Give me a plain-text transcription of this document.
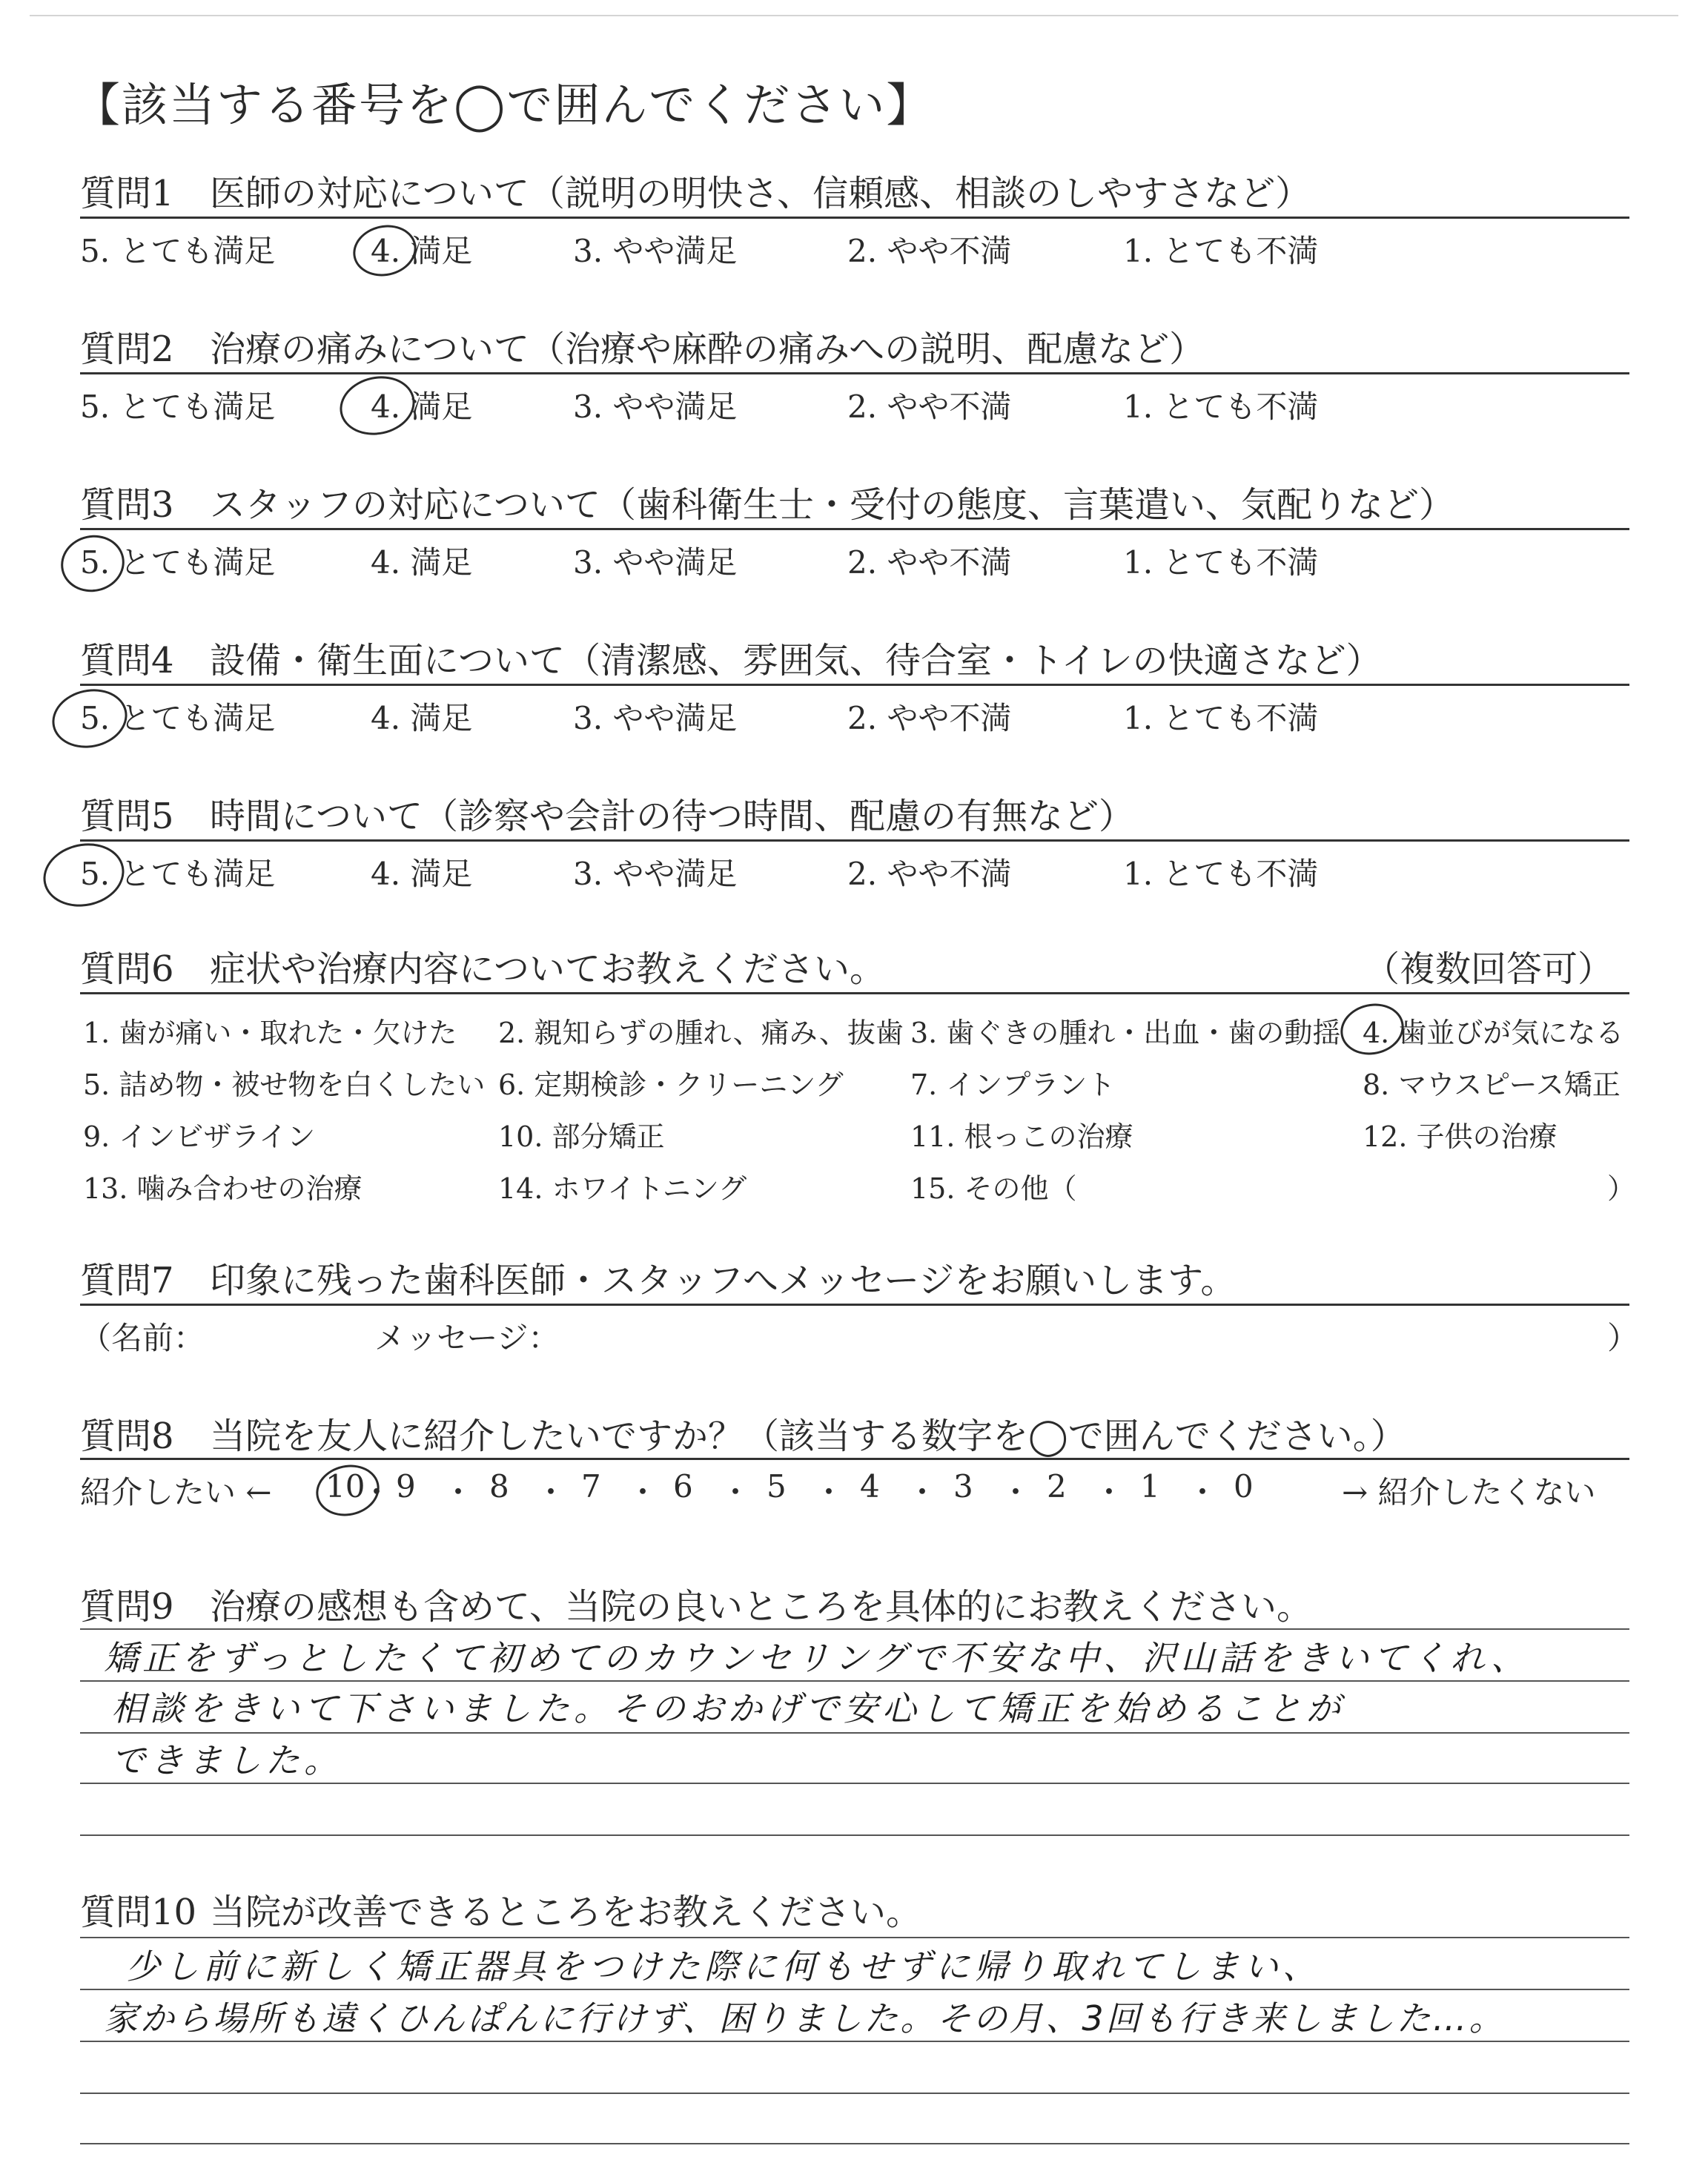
【該当する番号を◯で囲んでください】
質問1 医師の対応について（説明の明快さ、信頼感、相談のしやすさなど）
5. とても満足	4. 満足	3. やや満足	2. やや不満	1. とても不満
質問2 治療の痛みについて（治療や麻酔の痛みへの説明、配慮など）
5. とても満足	4. 満足	3. やや満足	2. やや不満	1. とても不満
質問3 スタッフの対応について（歯科衛生士・受付の態度、言葉遣い、気配りなど）
5. とても満足	4. 満足	3. やや満足	2. やや不満	1. とても不満
質問4 設備・衛生面について（清潔感、雰囲気、待合室・トイレの快適さなど）
5. とても満足	4. 満足	3. やや満足	2. やや不満	1. とても不満
質問5 時間について（診察や会計の待つ時間、配慮の有無など）
5. とても満足	4. 満足	3. やや満足	2. やや不満	1. とても不満
質問6 症状や治療内容についてお教えください。	（複数回答可）
1. 歯が痛い・取れた・欠けた 2. 親知らずの腫れ、痛み、抜歯 3. 歯ぐきの腫れ・出血・歯の動揺 4. 歯並びが気になる
5. 詰め物・被せ物を白くしたい 6. 定期検診・クリーニング 7. インプラント	8. マウスピース矯正
9. インビザライン	10. 部分矯正	11. 根っこの治療	12. 子供の治療
13. 噛み合わせの治療	14. ホワイトニング	15. その他（	）
質問7 印象に残った歯科医師・スタッフへメッセージをお願いします。
（名前：	メッセージ：	）
質問8 当院を友人に紹介したいですか？（該当する数字を◯で囲んでください。）
紹介したい ← 10
・ 9 ・ 8 ・ 7 ・ 6 ・ 5 ・ 4 ・ 3 ・ 2 ・ 1 ・ 0	→ 紹介したくない
質問9 治療の感想も含めて、当院の良いところを具体的にお教えください。
矯正をずっとしたくて初めてのカウンセリングで不安な中、沢山話をきいてくれ、
相談をきいて下さいました。そのおかげで安心して矯正を始めることが
できました。
質問10 当院が改善できるところをお教えください。
少し前に新しく矯正器具をつけた際に何もせずに帰り取れてしまい、
家から場所も遠くひんぱんに行けず、困りました。その月、3回も行き来しました…。
